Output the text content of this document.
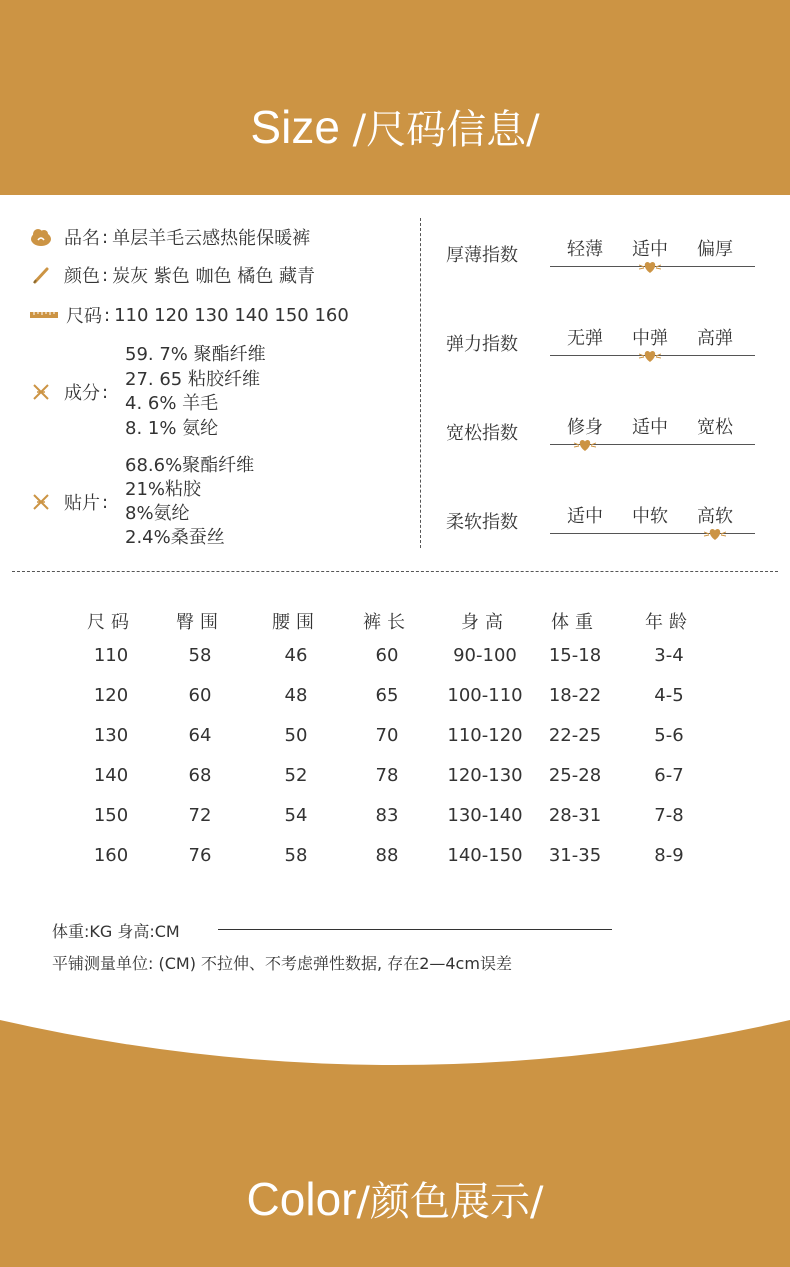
Size /尺码信息/
品名 : 单层羊毛云感热能保暖裤
颜色 : 炭灰 紫色 咖色 橘色 藏青
尺码 : 110 120 130 140 150 160
成分 :
59. 7% 聚酯纤维
27. 65 粘胶纤维
4. 6% 羊毛
8. 1% 氨纶
贴片 :
68.6%聚酯纤维
21%粘胶
8%氨纶
2.4%桑蚕丝
厚薄指数	轻薄	适中	偏厚
弹力指数	无弹	中弹	高弹
宽松指数	修身	适中	宽松
柔软指数	适中	中软	高软
尺码	臀围	腰围	裤长	身高	体重	年龄
110	58	46	60	90-100	15-18	3-4
120	60	48	65	100-110	18-22	4-5
130	64	50	70	110-120	22-25	5-6
140	68	52	78	120-130	25-28	6-7
150	72	54	83	130-140	28-31	7-8
160	76	58	88	140-150	31-35	8-9
体重:KG 身高:CM
平铺测量单位: (CM) 不拉伸、不考虑弹性数据, 存在2—4cm误差
Color/颜色展示/
